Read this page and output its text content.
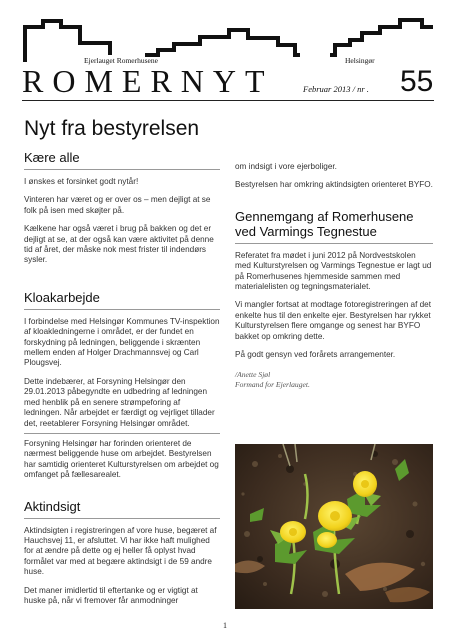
Ejerlauget Romerhusene	Helsingør
ROMERNYT	Februar 2013 / nr . 55
Nyt fra bestyrelsen
Kære alle

I ønskes et forsinket godt nytår!

Vinteren har været og er over os – men dejligt at se folk på isen med skøjter på.

Kælkene har også været i brug på bakken og det er dejligt at se, at der også kan være aktivitet på denne tid af året, der måske nok mest frister til indendørs sysler.

Kloakarbejde

I forbindelse med Helsingør Kommunes TV-inspektion af kloakledningerne i området, er der fundet en forskydning på ledningen, beliggende i skrænten mellem enden af Holger Drachmannsvej og Carl Plougsvej.

Dette indebærer, at Forsyning Helsingør den 29.01.2013 påbegyndte en udbedring af ledningen med henblik på en senere strømpeforing af ledningen. Når arbejdet er færdigt og vejrliget tillader det, reetablerer Forsyning Helsingør området.

Forsyning Helsingør har forinden orienteret de nærmest beliggende huse om arbejdet. Bestyrelsen har samtidig orienteret Kulturstyrelsen om arbejdet og omfanget på fællesarealet.

Aktindsigt

Aktindsigten i registreringen af vore huse, begæret af Hauchsvej 11, er afsluttet. Vi har ikke haft mulighed for at ændre på dette og ej heller få oplyst hvad formålet var med at begære aktindsigt i de 59 andre huse.

Det maner imidlertid til eftertanke og er vigtigt at huske på, når vi fremover får anmodninger

om indsigt i vore ejerboliger.

Bestyrelsen har omkring aktindsigten orienteret BYFO.

Gennemgang af Romerhusene ved Varmings Tegnestue

Referatet fra mødet i juni 2012 på Nordvestskolen med Kulturstyrelsen og Varmings Tegnestue er lagt ud på Romerhusenes hjemmeside sammen med materialelisten og tegningsmaterialet.

Vi mangler fortsat at modtage fotoregistreringen af det enkelte hus til den enkelte ejer. Bestyrelsen har rykket Kulturstyrelsen flere omgange og senest har BYFO bakket op omkring dette.

På godt gensyn ved forårets arrangementer.

/Anette Sjøl
Formand for Ejerlauget.
1
